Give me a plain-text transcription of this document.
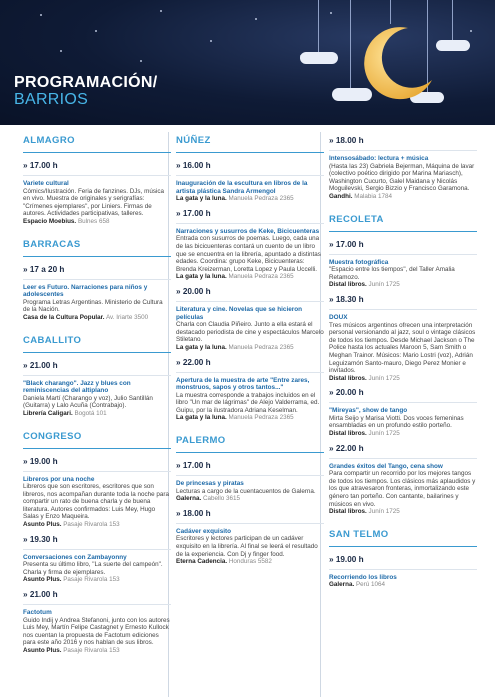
PROGRAMACIÓN/
BARRIOS
ALMAGRO
» 17.00 h
Variete cultural
Cómics/Ilustración. Feria de fanzines. DJs, música en vivo. Muestra de originales y serigrafías: "Crímenes ejemplares", por Liniers. Firmas de autores. Actividades participativas, talleres.
Espacio Moebius. Bulnes 658
BARRACAS
» 17 a 20 h
Leer es Futuro. Narraciones para niños y adolescentes
Programa Letras Argentinas. Ministerio de Cultura de la Nación.
Casa de la Cultura Popular. Av. Iriarte 3500
CABALLITO
» 21.00 h
"Black charango". Jazz y blues con reminiscencias del altiplano
Daniela Martí (Charango y voz), Julio Santillán (Guitarra) y Lalo Acuña (Contrabajo).
Librería Caligari. Bogotá 101
CONGRESO
» 19.00 h
Libreros por una noche
Libreros que son escritores, escritores que son libreros, nos acompañan durante toda la noche para compartir un rato de buena charla y de buena literatura. Autores confirmados: Luis Mey, Hugo Salas y Enzo Maqueira.
Asunto Plus. Pasaje Rivarola 153
» 19.30 h
Conversaciones con Zambayonny
Presenta su último libro, "La suerte del campeón". Charla y firma de ejemplares.
Asunto Plus. Pasaje Rivarola 153
» 21.00 h
Factotum
Guido Indij y Andrea Stefanoni, junto con los autores Luis Mey, Martín Felipe Castagnet y Ernesto Kullock nos cuentan la propuesta de Factotum ediciones para este año 2016 y nos hablan de sus libros.
Asunto Plus. Pasaje Rivarola 153
NÚÑEZ
» 16.00 h
Inauguración de la escultura en libros de la artista plástica Sandra Armengol
La gata y la luna. Manuela Pedraza 2365
» 17.00 h
Narraciones y susurros de Keke, Bicicuenteras
Entrada con susurros de poemas. Luego, cada una de las bicicuenteras contará un cuento de un libro que se encuentra en la librería, apuntado a distintas edades. Coordina: grupo Keke, Bicicuenteras: Brenda Kreizerman, Loretta Lopez y Paula Uccelli.
La gata y la luna. Manuela Pedraza 2365
» 20.00 h
Literatura y cine. Novelas que se hicieron películas
Charla con Claudia Piñeiro. Junto a ella estará el destacado periodista de cine y espectáculos Marcelo Stiletano.
La gata y la luna. Manuela Pedraza 2365
» 22.00 h
Apertura de la muestra de arte "Entre zares, monstruos, sapos y otros tantos..."
La muestra corresponde a trabajos incluidos en el libro "Un mar de lágrimas" de Alejo Valderrama, ed. Guipu, por la ilustradora Adriana Keselman.
La gata y la luna. Manuela Pedraza 2365
PALERMO
» 17.00 h
De princesas y piratas
Lecturas a cargo de la cuentacuentos de Galerna.
Galerna. Cabello 3615
» 18.00 h
Cadáver exquisito
Escritores y lectores participan de un cadáver exquisito en la librería. Al final se leerá el resultado de la experiencia. Con Dj y finger food.
Eterna Cadencia. Honduras 5582
» 18.00 h
Intensosábado: lectura + música
(Hasta las 23) Gabriela Bejerman, Máquina de lavar (colectivo poético dirigido por Marina Mariasch), Washington Cucurto, Galel Maidana y Nicolás Moguilevski, Sergio Bizzio y Francisco Garamona.
Gandhi. Malabia 1784
RECOLETA
» 17.00 h
Muestra fotográfica
"Espacio entre los tiempos", del Taller Amalia Retamozo.
Distal libros. Junín 1725
» 18.30 h
DOUX
Tres músicos argentinos ofrecen una interpretación personal versionando al jazz, soul o vintage clásicos de todos los tiempos. Desde Michael Jackson o The Police hasta los actuales Maroon 5, Sam Smith o Meghan Trainor. Músicos: Mario Lostri (voz), Adrián Leguizamón Santo-mauro, Diego Perez Monier e invitados.
Distal libros. Junín 1725
» 20.00 h
"Mireyas", show de tango
Mirta Seijo y Marisa Viotti. Dos voces femeninas ensambladas en un profundo estilo porteño.
Distal libros. Junín 1725
» 22.00 h
Grandes éxitos del Tango, cena show
Para compartir un recorrido por los mejores tangos de todos los tiempos. Los clásicos más aplaudidos y los que atravesaron fronteras, inmortalizando este género tan porteño. Con cantante, bailarines y músicos en vivo.
Distal libros. Junín 1725
SAN TELMO
» 19.00 h
Recorriendo los libros
Galerna. Perú 1064
